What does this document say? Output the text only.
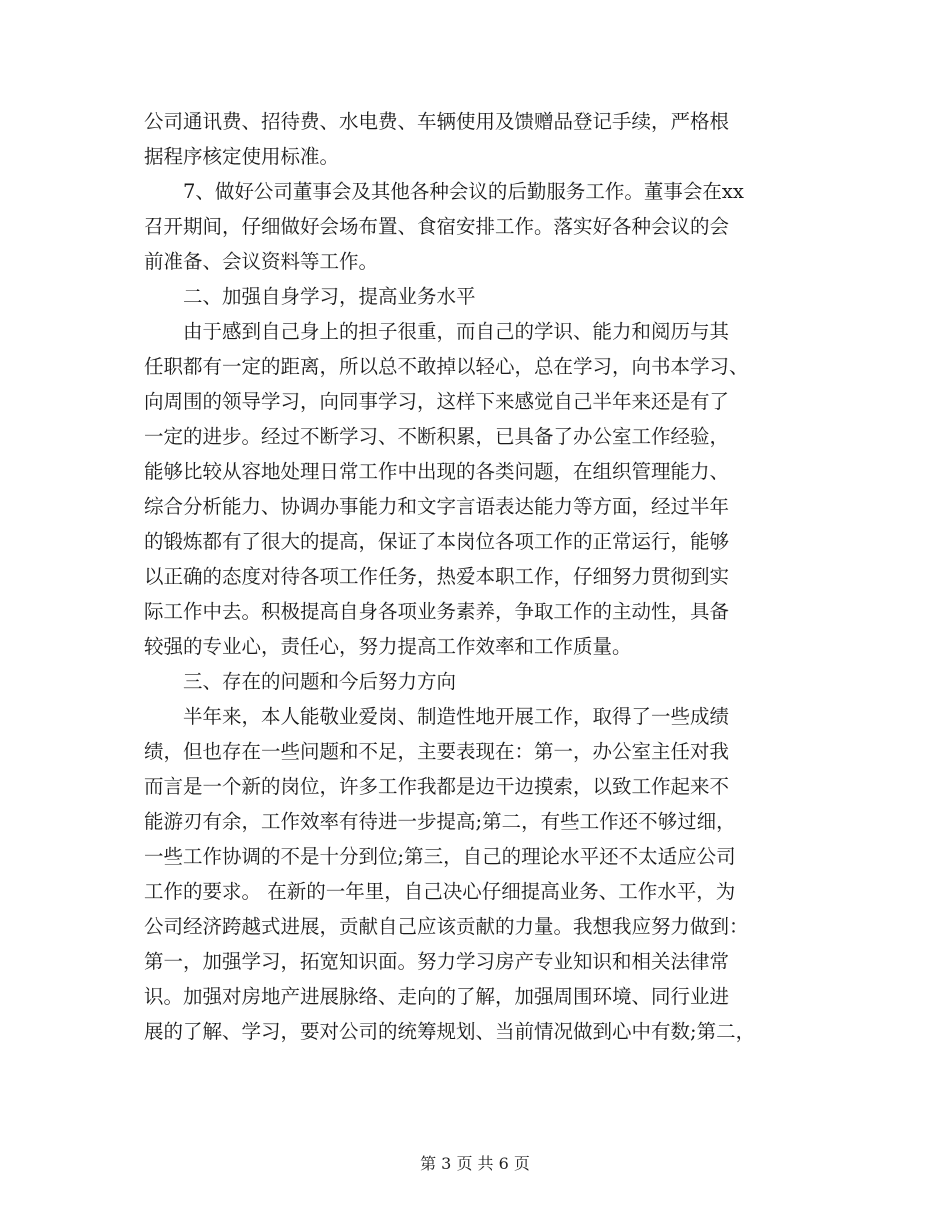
公司通讯费、招待费、水电费、车辆使用及馈赠品登记手续，严格根
据程序核定使用标准。
　　7、做好公司董事会及其他各种会议的后勤服务工作。董事会在xx
召开期间，仔细做好会场布置、食宿安排工作。落实好各种会议的会
前准备、会议资料等工作。
　　二、加强自身学习，提高业务水平
　　由于感到自己身上的担子很重，而自己的学识、能力和阅历与其
任职都有一定的距离，所以总不敢掉以轻心，总在学习，向书本学习、
向周围的领导学习，向同事学习，这样下来感觉自己半年来还是有了
一定的进步。经过不断学习、不断积累，已具备了办公室工作经验，
能够比较从容地处理日常工作中出现的各类问题，在组织管理能力、
综合分析能力、协调办事能力和文字言语表达能力等方面，经过半年
的锻炼都有了很大的提高，保证了本岗位各项工作的正常运行，能够
以正确的态度对待各项工作任务，热爱本职工作，仔细努力贯彻到实
际工作中去。积极提高自身各项业务素养，争取工作的主动性，具备
较强的专业心，责任心，努力提高工作效率和工作质量。
　　三、存在的问题和今后努力方向
　　半年来，本人能敬业爱岗、制造性地开展工作，取得了一些成绩
绩，但也存在一些问题和不足，主要表现在：第一，办公室主任对我
而言是一个新的岗位，许多工作我都是边干边摸索，以致工作起来不
能游刃有余，工作效率有待进一步提高;第二，有些工作还不够过细，
一些工作协调的不是十分到位;第三，自己的理论水平还不太适应公司
工作的要求。 在新的一年里，自己决心仔细提高业务、工作水平，为
公司经济跨越式进展，贡献自己应该贡献的力量。我想我应努力做到：
第一，加强学习，拓宽知识面。努力学习房产专业知识和相关法律常
识。加强对房地产进展脉络、走向的了解，加强周围环境、同行业进
展的了解、学习，要对公司的统筹规划、当前情况做到心中有数;第二，
第 3 页 共 6 页
